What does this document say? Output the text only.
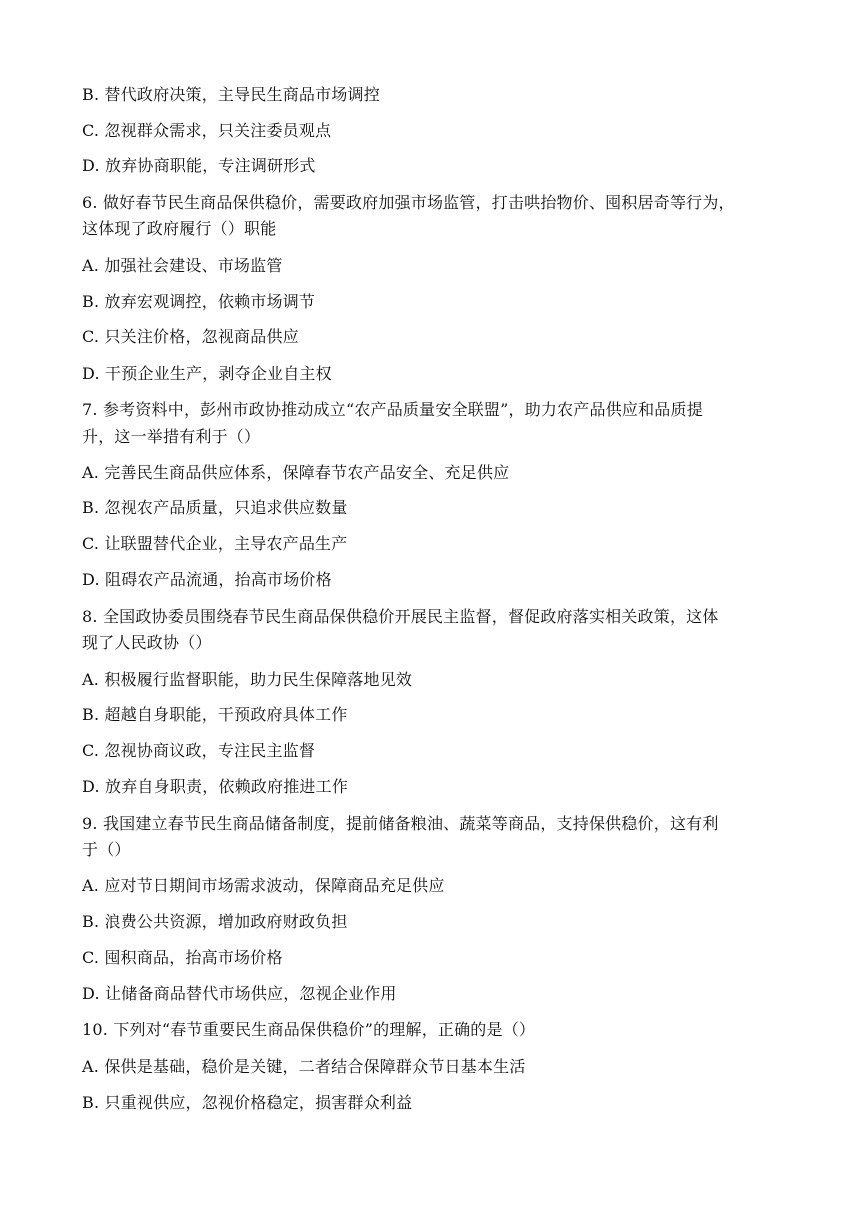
B. 替代政府决策，主导民生商品市场调控
C. 忽视群众需求，只关注委员观点
D. 放弃协商职能，专注调研形式
6. 做好春节民生商品保供稳价，需要政府加强市场监管，打击哄抬物价、囤积居奇等行为，
这体现了政府履行（）职能
A. 加强社会建设、市场监管
B. 放弃宏观调控，依赖市场调节
C. 只关注价格，忽视商品供应
D. 干预企业生产，剥夺企业自主权
7. 参考资料中，彭州市政协推动成立“农产品质量安全联盟”，助力农产品供应和品质提
升，这一举措有利于（）
A. 完善民生商品供应体系，保障春节农产品安全、充足供应
B. 忽视农产品质量，只追求供应数量
C. 让联盟替代企业，主导农产品生产
D. 阻碍农产品流通，抬高市场价格
8. 全国政协委员围绕春节民生商品保供稳价开展民主监督，督促政府落实相关政策，这体
现了人民政协（）
A. 积极履行监督职能，助力民生保障落地见效
B. 超越自身职能，干预政府具体工作
C. 忽视协商议政，专注民主监督
D. 放弃自身职责，依赖政府推进工作
9. 我国建立春节民生商品储备制度，提前储备粮油、蔬菜等商品，支持保供稳价，这有利
于（）
A. 应对节日期间市场需求波动，保障商品充足供应
B. 浪费公共资源，增加政府财政负担
C. 囤积商品，抬高市场价格
D. 让储备商品替代市场供应，忽视企业作用
10. 下列对“春节重要民生商品保供稳价”的理解，正确的是（）
A. 保供是基础，稳价是关键，二者结合保障群众节日基本生活
B. 只重视供应，忽视价格稳定，损害群众利益
